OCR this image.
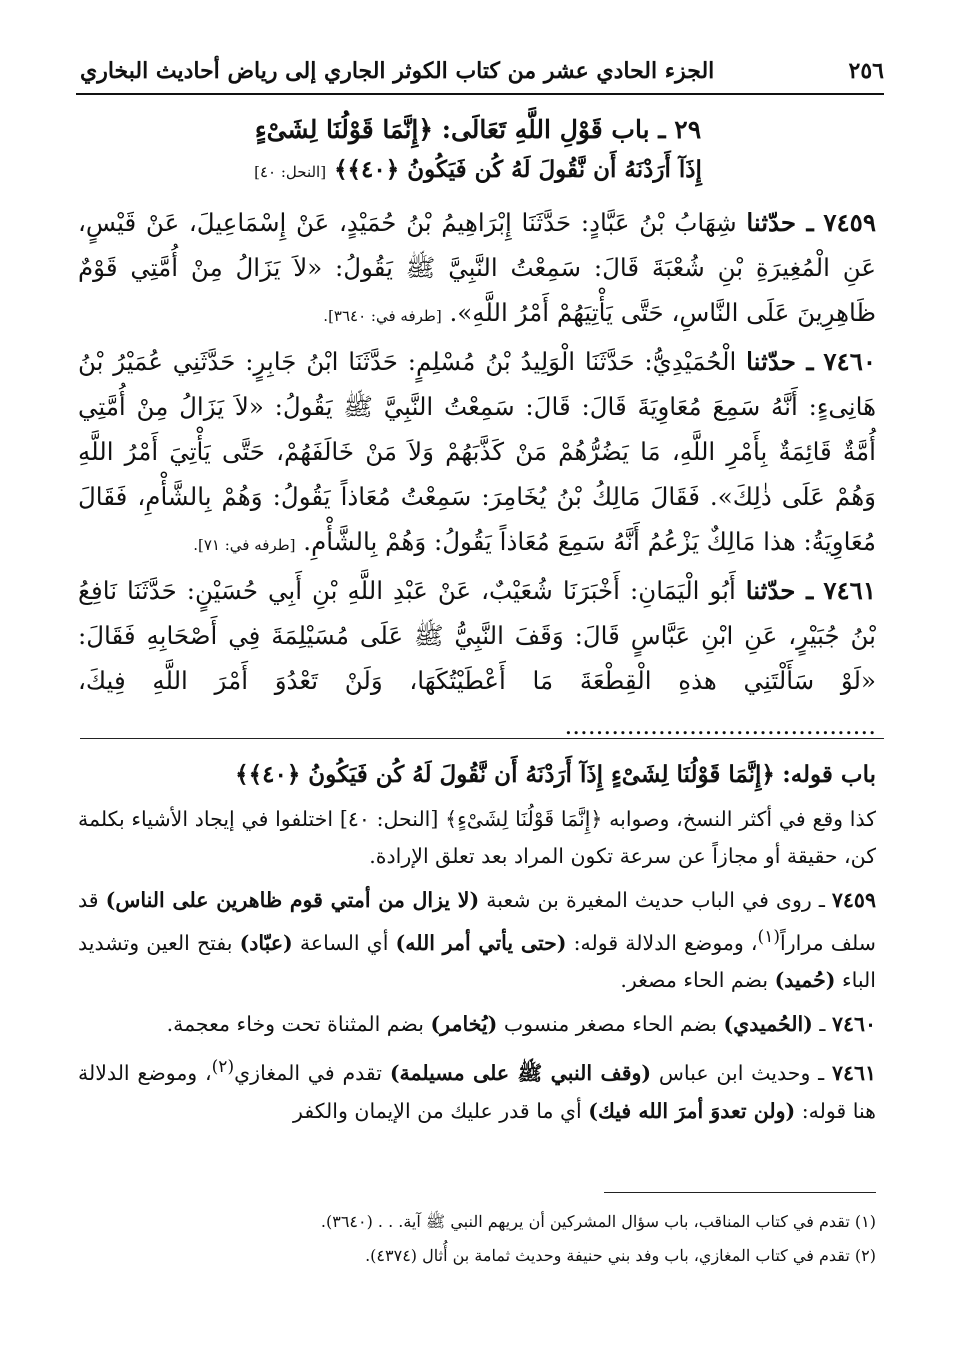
٢٥٦
الجزء الحادي عشر من كتاب الكوثر الجاري إلى رياض أحاديث البخاري
٢٩ ـ باب قَوْلِ اللَّهِ تَعَالَى: ﴿إِنَّمَا قَوْلُنَا لِشَىْءٍ
إِذَآ أَرَدْنَهُ أَن نَّقُولَ لَهُ كُن فَيَكُونُ ﴿٤٠﴾﴾ [النحل: ٤٠]

٧٤٥٩ ـ حدّثنا شِهَابُ بْنُ عَبَّادٍ: حَدَّثَنَا إِبْرَاهِيمُ بْنُ حُمَيْدٍ، عَنْ إِسْمَاعِيلَ، عَنْ قَيْسٍ، عَنِ الْمُغِيرَةِ بْنِ شُعْبَةَ قَالَ: سَمِعْتُ النَّبِيَّ ﷺ يَقُولُ: «لاَ يَزَالُ مِنْ أُمَّتِي قَوْمٌ ظَاهِرِينَ عَلَى النَّاسِ، حَتَّى يَأْتِيَهُمْ أَمْرُ اللَّهِ». [طرفه في: ٣٦٤٠].

٧٤٦٠ ـ حدّثنا الْحُمَيْدِيُّ: حَدَّثَنَا الْوَلِيدُ بْنُ مُسْلِمٍ: حَدَّثَنَا ابْنُ جَابِرٍ: حَدَّثَنِي عُمَيْرُ بْنُ هَانِىءٍ: أَنَّهُ سَمِعَ مُعَاوِيَةَ قَالَ: قَالَ: سَمِعْتُ النَّبِيَّ ﷺ يَقُولُ: «لاَ يَزَالُ مِنْ أُمَّتِي أُمَّةٌ قَائِمَةٌ بِأَمْرِ اللَّهِ، مَا يَضُرُّهُمْ مَنْ كَذَّبَهُمْ وَلاَ مَنْ خَالَفَهُمْ، حَتَّى يَأْتِيَ أَمْرُ اللَّهِ وَهُمْ عَلَى ذٰلِكَ». فَقَالَ مَالِكُ بْنُ يُخَامِرَ: سَمِعْتُ مُعَاذاً يَقُولُ: وَهُمْ بِالشَّأْمِ، فَقَالَ مُعَاوِيَةُ: هذا مَالِكٌ يَزْعُمُ أَنَّهُ سَمِعَ مُعَاذاً يَقُولُ: وَهُمْ بِالشَّأْمِ. [طرفه في: ٧١].

٧٤٦١ ـ حدّثنا أَبُو الْيَمَانِ: أَخْبَرَنَا شُعَيْبٌ، عَنْ عَبْدِ اللَّهِ بْنِ أَبِي حُسَيْنٍ: حَدَّثَنَا نَافِعُ بْنُ جُبَيْرٍ، عَنِ ابْنِ عَبَّاسٍ قَالَ: وَقَفَ النَّبِيُّ ﷺ عَلَى مُسَيْلِمَةَ فِي أَصْحَابِهِ فَقَالَ: «لَوْ سَأَلْتَنِي هذهِ الْقِطْعَةَ مَا أَعْطَيْتُكَهَا، وَلَنْ تَعْدُوَ أَمْرَ اللَّهِ فِيكَ، ........................................

باب قوله: ﴿إِنَّمَا قَوْلُنَا لِشَىْءٍ إِذَآ أَرَدْنَهُ أَن نَّقُولَ لَهُ كُن فَيَكُونُ ﴿٤٠﴾﴾

كذا وقع في أكثر النسخ، وصوابه ﴿إِنَّمَا قَوْلُنَا لِشَىْءٍ﴾ [النحل: ٤٠] اختلفوا في إيجاد الأشياء بكلمة كن، حقيقة أو مجازاً عن سرعة تكون المراد بعد تعلق الإرادة.

٧٤٥٩ ـ روى في الباب حديث المغيرة بن شعبة (لا يزال من أمتي قوم ظاهرين على الناس) قد سلف مراراً$^{(١)}$، وموضع الدلالة قوله: (حتى يأتي أمر الله) أي الساعة (عبّاد) بفتح العين وتشديد الباء (حُميد) بضم الحاء مصغر.

٧٤٦٠ ـ (الحُميدي) بضم الحاء مصغر منسوب (يُخامر) بضم المثناة تحت وخاء معجمة.

٧٤٦١ ـ وحديث ابن عباس (وقف النبي ﷺ على مسيلمة) تقدم في المغازي$^{(٢)}$، وموضع الدلالة هنا قوله: (ولن تعدوَ أمرَ الله فيك) أي ما قدر عليك من الإيمان والكفر

(١) تقدم في كتاب المناقب، باب سؤال المشركين أن يريهم النبي ﷺ آية. . . (٣٦٤٠).

(٢) تقدم في كتاب المغازي، باب وفد بني حنيفة وحديث ثمامة بن أُثال (٤٣٧٤).
